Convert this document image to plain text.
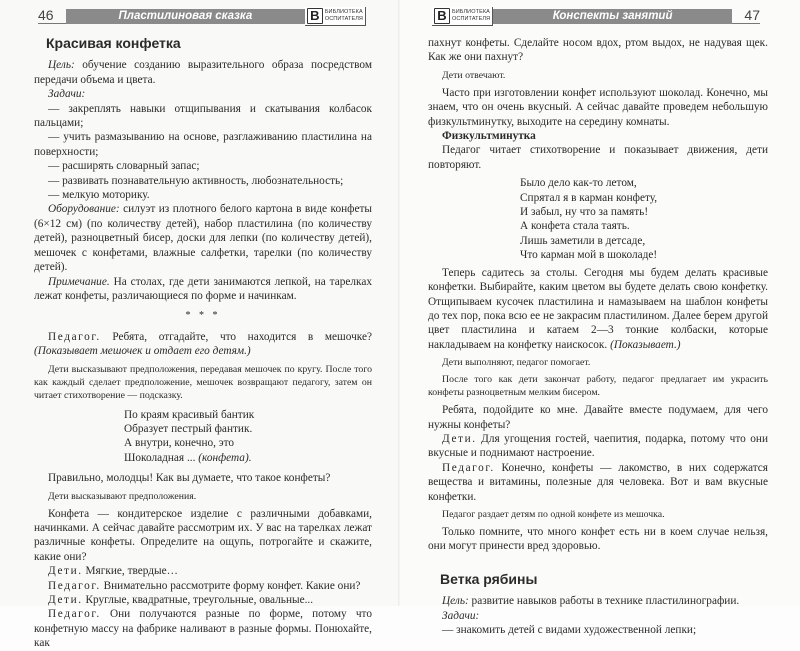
46	Пластилиновая сказка	B БИБЛИОТЕКА
ОСПИТАТЕЛЯ
Красивая конфетка

Цель: обучение созданию выразительного образа посредством передачи объема и цвета.

Задачи:

— закреплять навыки отщипывания и скатывания колбасок пальцами;

— учить размазыванию на основе, разглаживанию пластилина на поверхности;

— расширять словарный запас;

— развивать познавательную активность, любознательность;

— мелкую моторику.

Оборудование: силуэт из плотного белого картона в виде конфеты (6×12 см) (по количеству детей), набор пластилина (по количеству детей), разноцветный бисер, доски для лепки (по количеству детей), мешочек с конфетами, влажные салфетки, тарелки (по количеству детей).

Примечание. На столах, где дети занимаются лепкой, на тарелках лежат конфеты, различающиеся по форме и начинкам.

* * *

Педагог. Ребята, отгадайте, что находится в мешочке? (Показывает мешочек и отдает его детям.)

Дети высказывают предположения, передавая мешочек по кругу. После того как каждый сделает предположение, мешочек возвращают педагогу, затем он читает стихотворение — подсказку.

По краям красивый бантик
Образует пестрый фантик.
А внутри, конечно, это
Шоколадная ... (конфета).

Правильно, молодцы! Как вы думаете, что такое конфеты?

Дети высказывают предположения.

Конфета — кондитерское изделие с различными добавками, начинками. А сейчас давайте рассмотрим их. У вас на тарелках лежат различные конфеты. Определите на ощупь, потрогайте и скажите, какие они?

Дети. Мягкие, твердые…

Педагог. Внимательно рассмотрите форму конфет. Какие они?

Дети. Круглые, квадратные, треугольные, овальные...

Педагог. Они получаются разные по форме, потому что конфетную массу на фабрике наливают в разные формы. Понюхайте, как

B БИБЛИОТЕКА
ОСПИТАТЕЛЯ	Конспекты занятий	47

пахнут конфеты. Сделайте носом вдох, ртом выдох, не надувая щек. Как же они пахнут?

Дети отвечают.

Часто при изготовлении конфет используют шоколад. Конечно, мы знаем, что он очень вкусный. А сейчас давайте проведем небольшую физкультминутку, выходите на середину комнаты.

Физкультминутка

Педагог читает стихотворение и показывает движения, дети повторяют.

Было дело как-то летом,
Спрятал я в карман конфету,
И забыл, ну что за память!
А конфета стала таять.
Лишь заметили в детсаде,
Что карман мой в шоколаде!

Теперь садитесь за столы. Сегодня мы будем делать красивые конфетки. Выбирайте, каким цветом вы будете делать свою конфетку. Отщипываем кусочек пластилина и намазываем на шаблон конфеты до тех пор, пока всю ее не закрасим пластилином. Далее берем другой цвет пластилина и катаем 2—3 тонкие колбаски, которые накладываем на конфетку наискосок. (Показывает.)

Дети выполняют, педагог помогает.

После того как дети закончат работу, педагог предлагает им украсить конфеты разноцветным мелким бисером.

Ребята, подойдите ко мне. Давайте вместе подумаем, для чего нужны конфеты?

Дети. Для угощения гостей, чаепития, подарка, потому что они вкусные и поднимают настроение.

Педагог. Конечно, конфеты — лакомство, в них содержатся вещества и витамины, полезные для человека. Вот и вам вкусные конфетки.

Педагог раздает детям по одной конфете из мешочка.

Только помните, что много конфет есть ни в коем случае нельзя, они могут принести вред здоровью.

Ветка рябины

Цель: развитие навыков работы в технике пластилинографии.

Задачи:

— знакомить детей с видами художественной лепки;
